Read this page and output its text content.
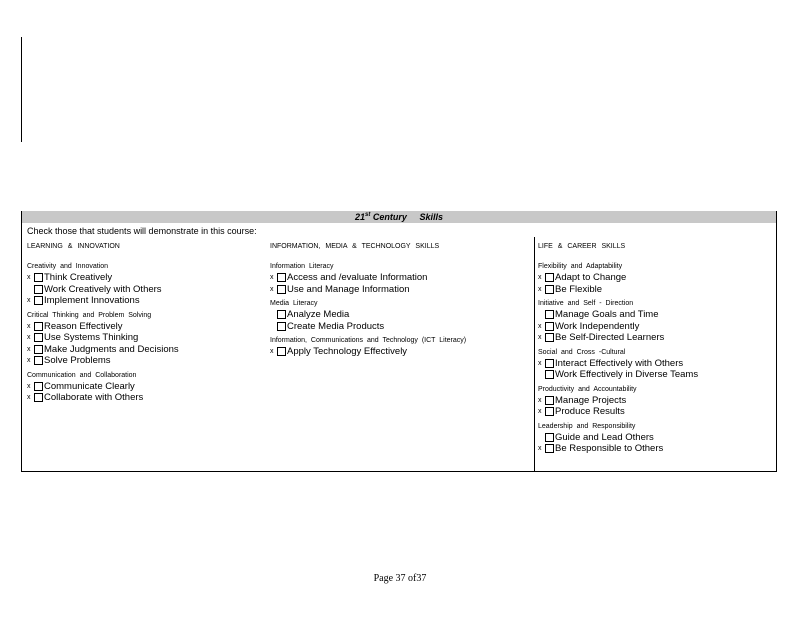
21st Century Skills
Check those that students will demonstrate in this course:
LEARNING & INNOVATION
Creativity and Innovation
x	Think Creatively
Work Creatively with Others
x	Implement Innovations
Critical Thinking and Problem Solving
x	Reason Effectively
x	Use Systems Thinking
x	Make Judgments and Decisions
x	Solve Problems
Communication and Collaboration
x	Communicate Clearly
x	Collaborate with Others
INFORMATION, MEDIA & TECHNOLOGY SKILLS
Information Literacy
x	Access and /evaluate Information
x	Use and Manage Information
Media Literacy
Analyze Media
Create Media Products
Information, Communications and Technology (ICT Literacy)
x	Apply Technology Effectively
LIFE & CAREER SKILLS
Flexibility and Adaptability
x	Adapt to Change
x	Be Flexible
Initiative and Self - Direction
Manage Goals and Time
x	Work Independently
x	Be Self-Directed Learners
Social and Cross -Cultural
x	Interact Effectively with Others
Work Effectively in Diverse Teams
Productivity and Accountability
x	Manage Projects
x	Produce Results
Leadership and Responsibility
Guide and Lead Others
x	Be Responsible to Others
Page 37 of37
